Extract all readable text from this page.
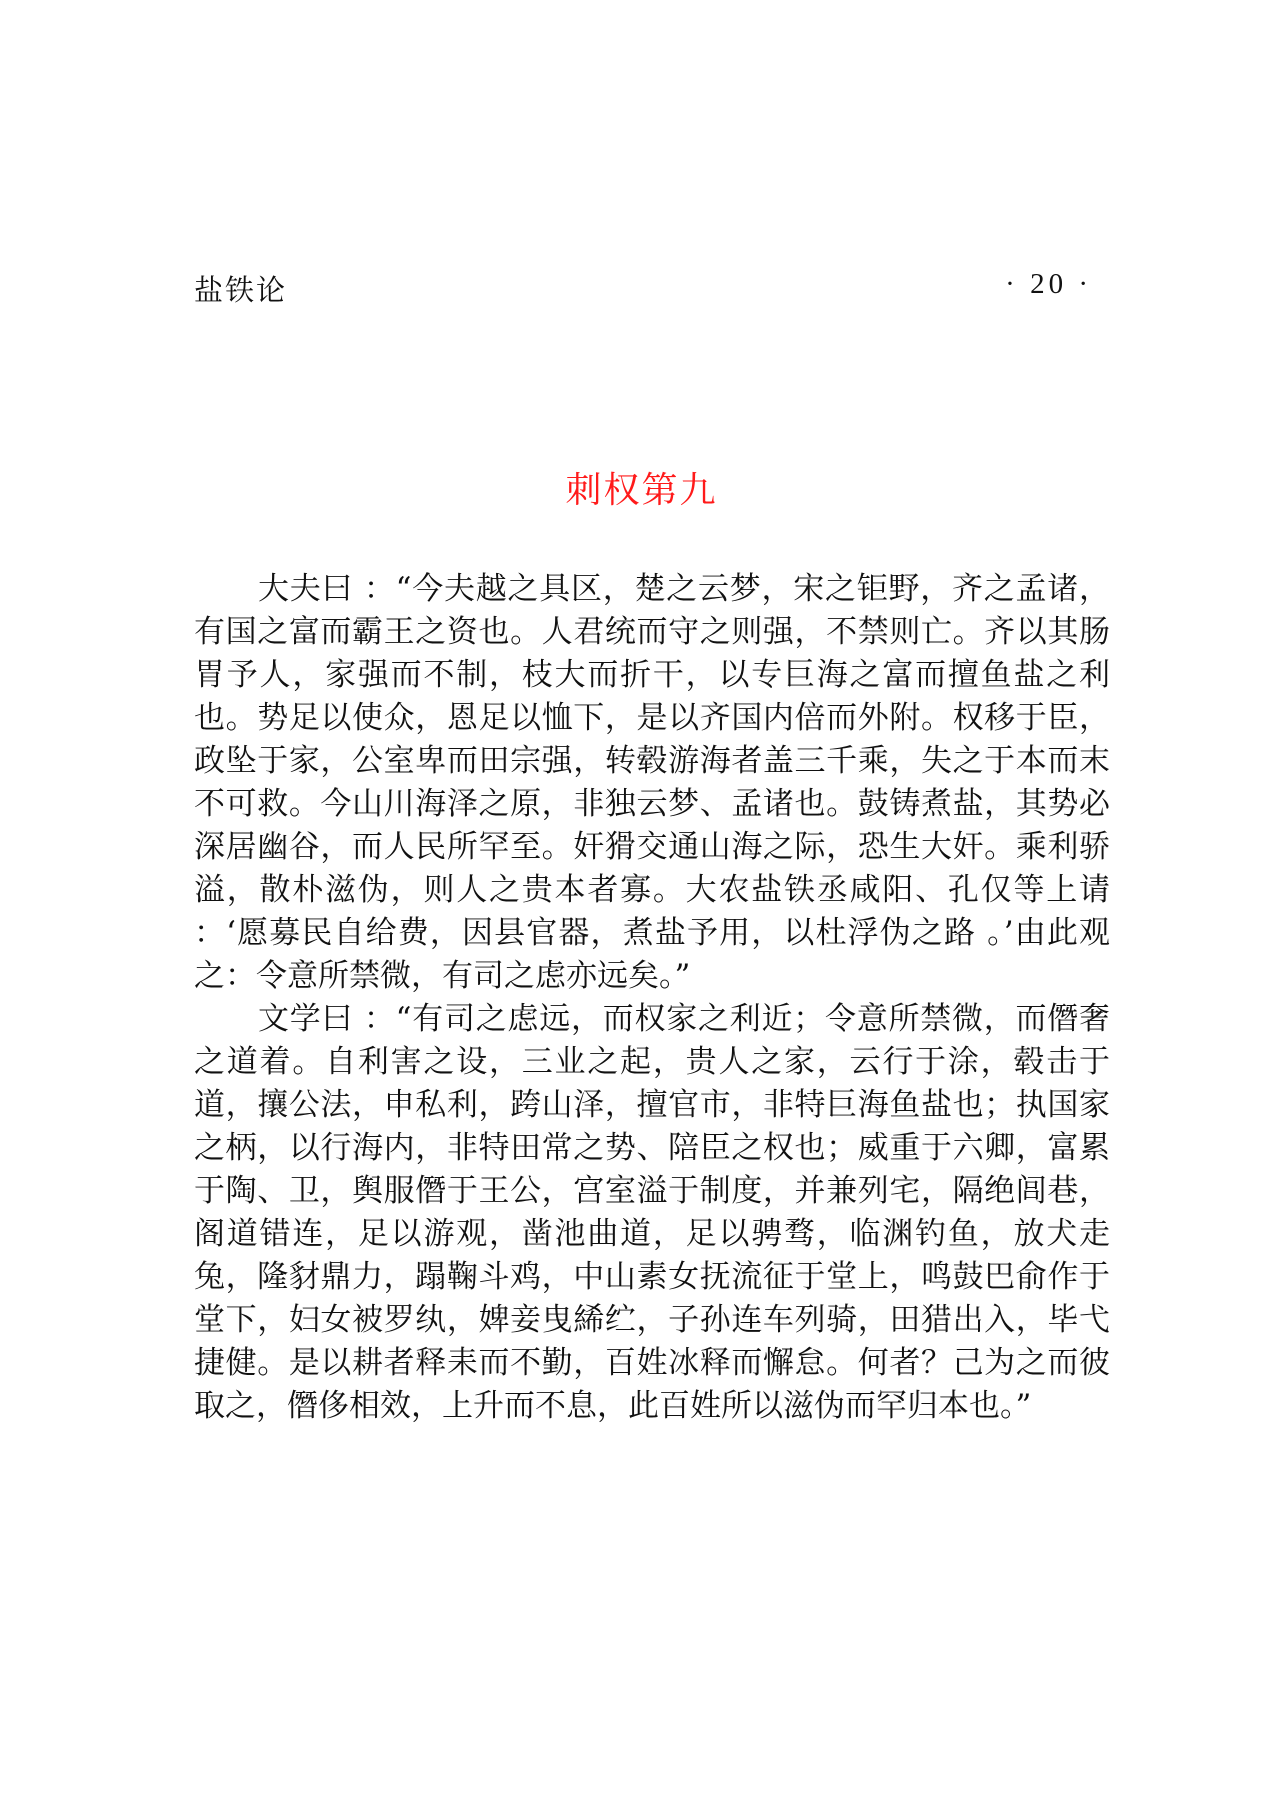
盐铁论	· 20 ·
刺权第九

大夫曰 ：“今夫越之具区，楚之云梦，宋之钜野，齐之孟诸，有国之富而霸王之资也。人君统而守之则强，不禁则亡。齐以其肠胃予人，家强而不制，枝大而折干，以专巨海之富而擅鱼盐之利也。势足以使众，恩足以恤下，是以齐国内倍而外附。权移于臣，政坠于家，公室卑而田宗强，转毂游海者盖三千乘，失之于本而末不可救。今山川海泽之原，非独云梦、孟诸也。鼓铸煮盐，其势必深居幽谷，而人民所罕至。奸猾交通山海之际，恐生大奸。乘利骄溢，散朴滋伪，则人之贵本者寡。大农盐铁丞咸阳、孔仅等上请 ：‘愿募民自给费，因县官器，煮盐予用，以杜浮伪之路 。’由此观之：令意所禁微，有司之虑亦远矣。”

文学曰 ：“有司之虑远，而权家之利近；令意所禁微，而僭奢之道着。自利害之设，三业之起，贵人之家，云行于涂，毂击于道，攘公法，申私利，跨山泽，擅官市，非特巨海鱼盐也；执国家之柄，以行海内，非特田常之势、陪臣之权也；威重于六卿，富累于陶、卫，舆服僭于王公，宫室溢于制度，并兼列宅，隔绝闾巷，阁道错连，足以游观，凿池曲道，足以骋骛，临渊钓鱼，放犬走兔，隆豺鼎力，蹋鞠斗鸡，中山素女抚流征于堂上，鸣鼓巴俞作于堂下，妇女被罗纨，婢妾曳絺纻，子孙连车列骑，田猎出入，毕弋捷健。是以耕者释耒而不勤，百姓冰释而懈怠。何者？己为之而彼取之，僭侈相效，上升而不息，此百姓所以滋伪而罕归本也。”
